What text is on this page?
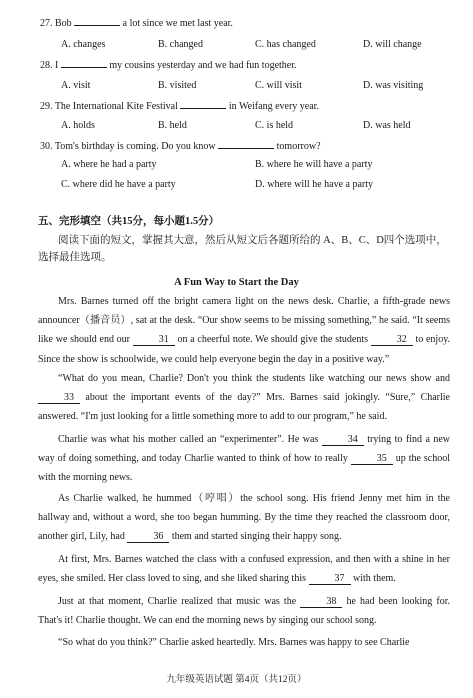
27. Bob	a lot since we met last year.
A. changes	B. changed	C. has changed	D. will change
28. I	my cousins yesterday and we had fun together.
A. visit	B. visited	C. will visit	D. was visiting
29. The International Kite Festival	in Weifang every year.
A. holds	B. held	C. is held	D. was held
30. Tom's birthday is coming. Do you know	tomorrow?
A. where he had a party	B. where he will have a party
C. where did he have a party	D. where will he have a party
五、完形填空（共15分，每小题1.5分）
阅读下面的短文，掌握其大意，然后从短文后各题所给的 A、B、C、D四个选项中，选择最佳选项。
A Fun Way to Start the Day
Mrs. Barnes turned off the bright camera light on the news desk. Charlie, a fifth-grade news announcer（播音员）, sat at the desk. “Our show seems to be missing something,” he said. “It seems like we should end our	31 on a cheerful note. We should give the students	32 to enjoy. Since the show is schoolwide, we could help everyone begin the day in a positive way.”
“What do you mean, Charlie? Don't you think the students like watching our news show and 33 about the important events of the day?” Mrs. Barnes said jokingly. “Sure,” Charlie answered. “I'm just looking for a little something more to add to our program,” he said.
Charlie was what his mother called an “experimenter”. He was	34 trying to find a new way of doing something, and today Charlie wanted to think of how to really	35 up the school with the morning news.
As Charlie walked, he hummed（哼唱）the school song. His friend Jenny met him in the hallway and, without a word, she too began humming. By the time they reached the classroom door, another girl, Lily, had	36 them and started singing their happy song.
At first, Mrs. Barnes watched the class with a confused expression, and then with a shine in her eyes, she smiled. Her class loved to sing, and she liked sharing this	37 with them.
Just at that moment, Charlie realized that music was the	38 he had been looking for. That's it! Charlie thought. We can end the morning news by singing our school song.
“So what do you think?” Charlie asked heartedly. Mrs. Barnes was happy to see Charlie
九年级英语试题 第4页（共12页）
